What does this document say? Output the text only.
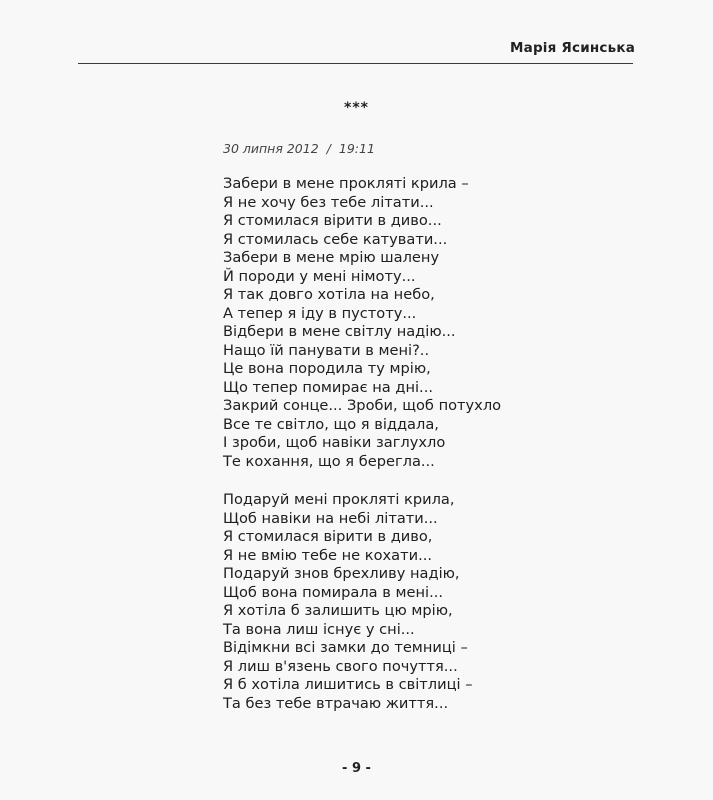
Марія Ясинська
***
30 липня 2012 / 19:11
Забери в мене прокляті крила –
Я не хочу без тебе літати...
Я стомилася вірити в диво...
Я стомилась себе катувати...
Забери в мене мрію шалену
Й породи у мені німоту...
Я так довго хотіла на небо,
А тепер я іду в пустоту...
Відбери в мене світлу надію...
Нащо їй панувати в мені?..
Це вона породила ту мрію,
Що тепер помирає на дні...
Закрий сонце... Зроби, щоб потухло
Все те світло, що я віддала,
І зроби, щоб навіки заглухло
Те кохання, що я берегла...
Подаруй мені прокляті крила,
Щоб навіки на небі літати...
Я стомилася вірити в диво,
Я не вмію тебе не кохати...
Подаруй знов брехливу надію,
Щоб вона помирала в мені...
Я хотіла б залишить цю мрію,
Та вона лиш існує у сні...
Відімкни всі замки до темниці –
Я лиш в'язень свого почуття...
Я б хотіла лишитись в світлиці –
Та без тебе втрачаю життя...
- 9 -
